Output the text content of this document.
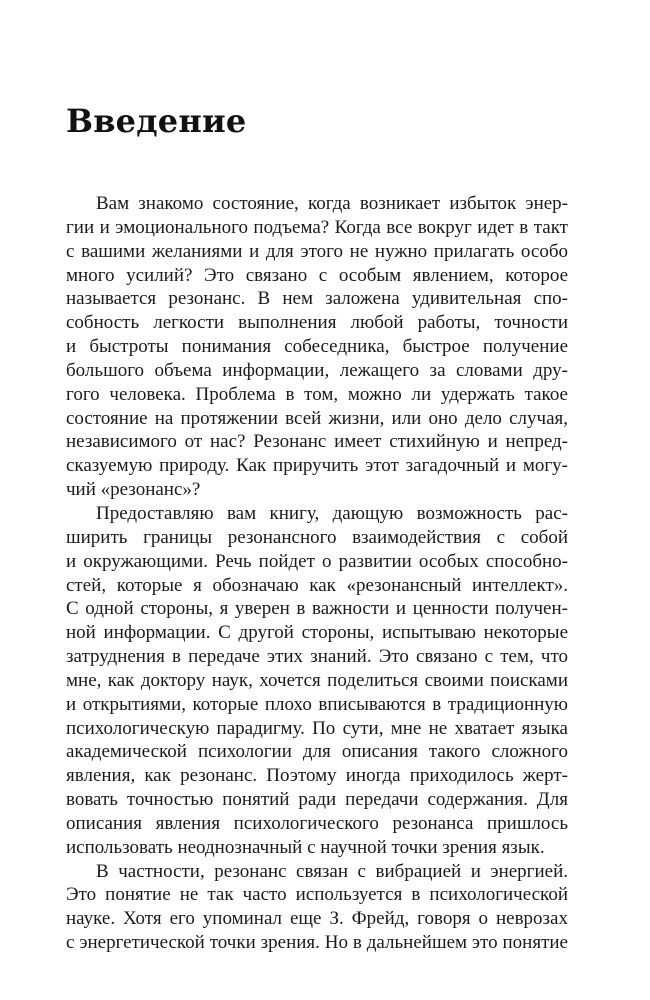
Введение
Вам знакомо состояние, когда возникает избыток энер-
гии и эмоционального подъема? Когда все вокруг идет в такт
с вашими желаниями и для этого не нужно прилагать особо
много усилий? Это связано с особым явлением, которое
называется резонанс. В нем заложена удивительная спо-
собность легкости выполнения любой работы, точности
и быстроты понимания собеседника, быстрое получение
большого объема информации, лежащего за словами дру-
гого человека. Проблема в том, можно ли удержать такое
состояние на протяжении всей жизни, или оно дело случая,
независимого от нас? Резонанс имеет стихийную и непред-
сказуемую природу. Как приручить этот загадочный и могу-
чий «резонанс»?
Предоставляю вам книгу, дающую возможность рас-
ширить границы резонансного взаимодействия с собой
и окружающими. Речь пойдет о развитии особых способно-
стей, которые я обозначаю как «резонансный интеллект».
С одной стороны, я уверен в важности и ценности получен-
ной информации. С другой стороны, испытываю некоторые
затруднения в передаче этих знаний. Это связано с тем, что
мне, как доктору наук, хочется поделиться своими поисками
и открытиями, которые плохо вписываются в традиционную
психологическую парадигму. По сути, мне не хватает языка
академической психологии для описания такого сложного
явления, как резонанс. Поэтому иногда приходилось жерт-
вовать точностью понятий ради передачи содержания. Для
описания явления психологического резонанса пришлось
использовать неоднозначный с научной точки зрения язык.
В частности, резонанс связан с вибрацией и энергией.
Это понятие не так часто используется в психологической
науке. Хотя его упоминал еще З. Фрейд, говоря о неврозах
с энергетической точки зрения. Но в дальнейшем это понятие
